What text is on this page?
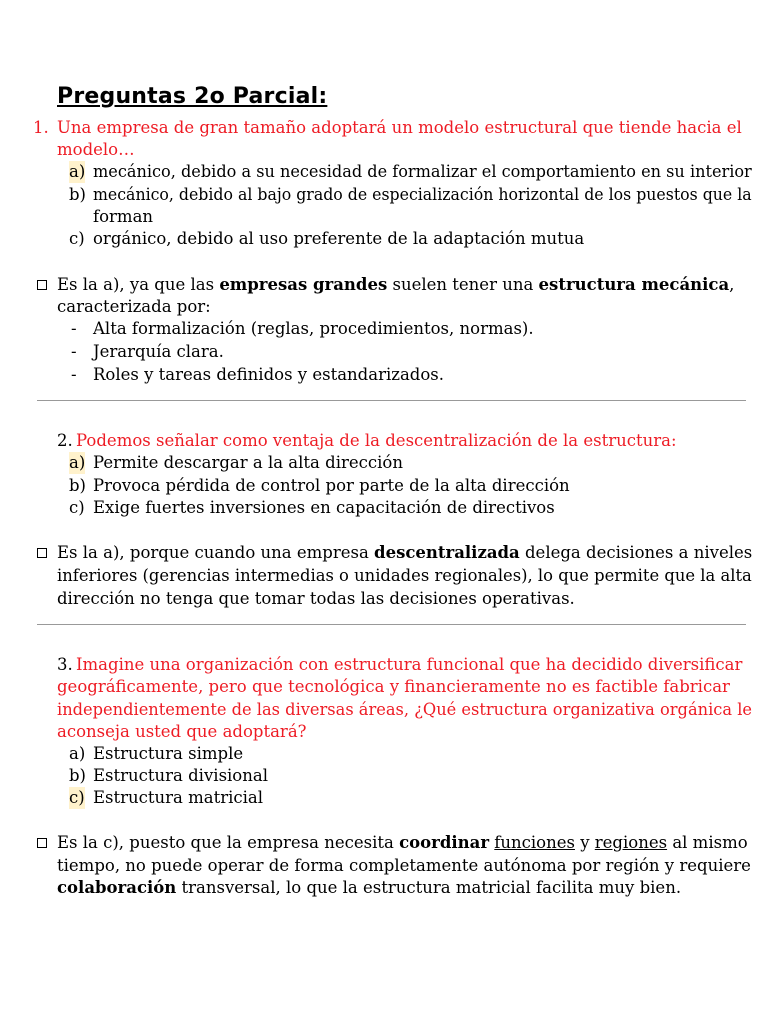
Preguntas 2o Parcial:
1. Una empresa de gran tamaño adoptará un modelo estructural que tiende hacia el
modelo…
a) mecánico, debido a su necesidad de formalizar el comportamiento en su interior
b) mecánico, debido al bajo grado de especialización horizontal de los puestos que la
forman
c) orgánico, debido al uso preferente de la adaptación mutua
Es la a), ya que las empresas grandes suelen tener una estructura mecánica,
caracterizada por:
- Alta formalización (reglas, procedimientos, normas).
- Jerarquía clara.
- Roles y tareas definidos y estandarizados.
2. Podemos señalar como ventaja de la descentralización de la estructura:
a) Permite descargar a la alta dirección
b) Provoca pérdida de control por parte de la alta dirección
c) Exige fuertes inversiones en capacitación de directivos
Es la a), porque cuando una empresa descentralizada delega decisiones a niveles
inferiores (gerencias intermedias o unidades regionales), lo que permite que la alta
dirección no tenga que tomar todas las decisiones operativas.
3. Imagine una organización con estructura funcional que ha decidido diversificar
geográficamente, pero que tecnológica y financieramente no es factible fabricar
independientemente de las diversas áreas, ¿Qué estructura organizativa orgánica le
aconseja usted que adoptará?
a) Estructura simple
b) Estructura divisional
c) Estructura matricial
Es la c), puesto que la empresa necesita coordinar funciones y regiones al mismo
tiempo, no puede operar de forma completamente autónoma por región y requiere
colaboración transversal, lo que la estructura matricial facilita muy bien.
